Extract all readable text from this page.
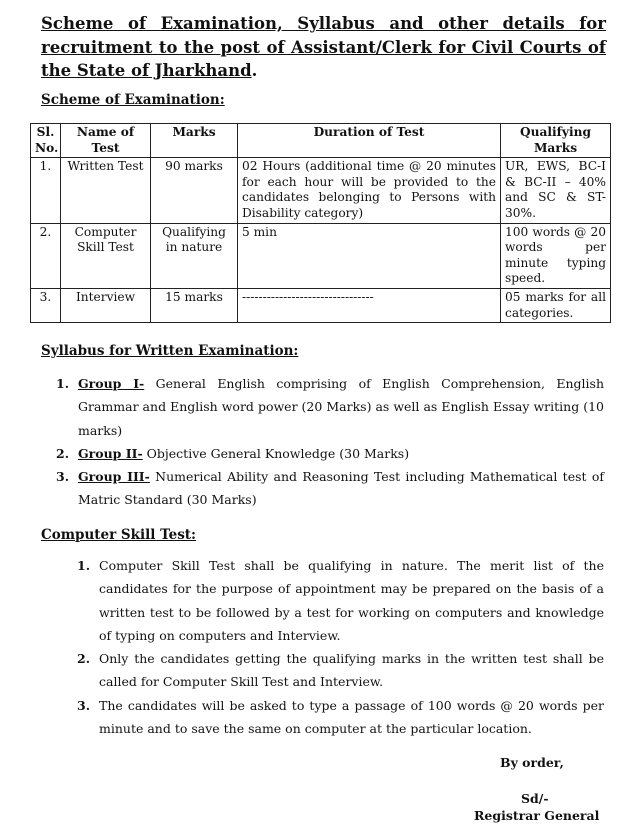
Scheme of Examination, Syllabus and other details for recruitment to the post of Assistant/Clerk for Civil Courts of the State of Jharkhand.
Scheme of Examination:
Sl. No.	Name of Test	Marks	Duration of Test	Qualifying Marks
1.	Written Test	90 marks	02 Hours (additional time @ 20 minutes for each hour will be provided to the candidates belonging to Persons with Disability category)	UR, EWS, BC-I & BC-II – 40% and SC & ST- 30%.
2.	Computer Skill Test	Qualifying in nature	5 min	100 words @ 20 words per minute typing speed.
3.	Interview	15 marks	--------------------------------	05 marks for all categories.
Syllabus for Written Examination:
1. Group I- General English comprising of English Comprehension, English Grammar and English word power (20 Marks) as well as English Essay writing (10 marks)
2. Group II- Objective General Knowledge (30 Marks)
3. Group III- Numerical Ability and Reasoning Test including Mathematical test of Matric Standard (30 Marks)
Computer Skill Test:
1. Computer Skill Test shall be qualifying in nature. The merit list of the candidates for the purpose of appointment may be prepared on the basis of a written test to be followed by a test for working on computers and knowledge of typing on computers and Interview.
2. Only the candidates getting the qualifying marks in the written test shall be called for Computer Skill Test and Interview.
3. The candidates will be asked to type a passage of 100 words @ 20 words per minute and to save the same on computer at the particular location.
By order,
Sd/-
Registrar General
